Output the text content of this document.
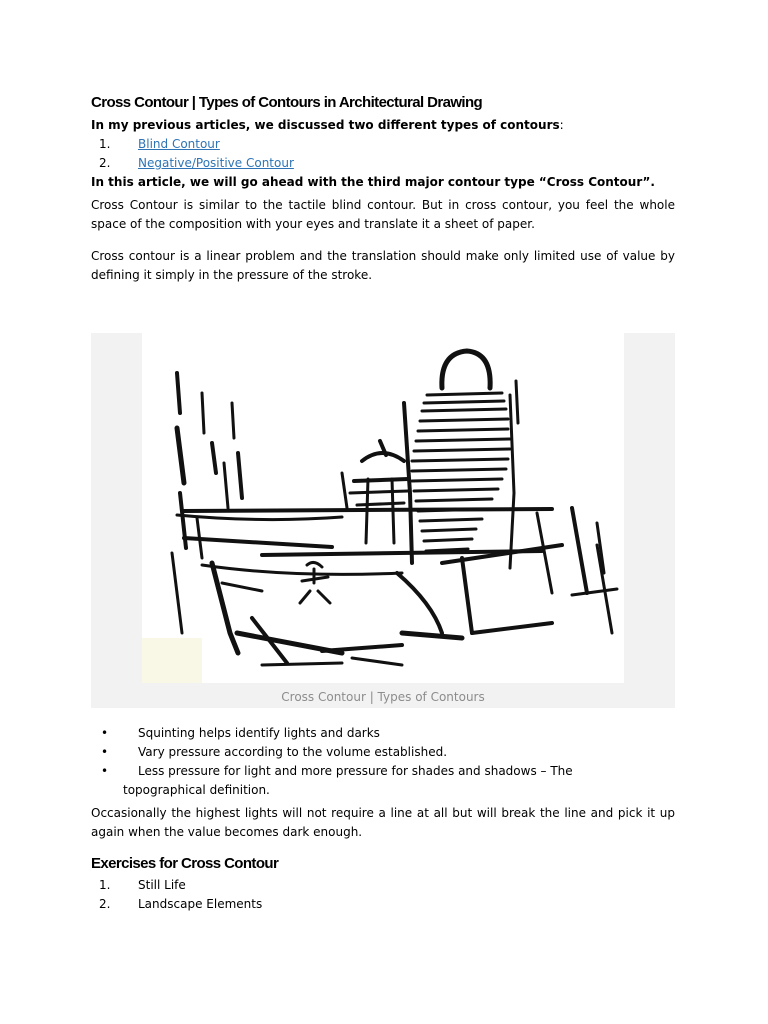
Cross Contour | Types of Contours in Architectural Drawing

In my previous articles, we discussed two different types of contours:

1. Blind Contour
2. Negative/Positive Contour

In this article, we will go ahead with the third major contour type “Cross Contour”.

Cross Contour is similar to the tactile blind contour. But in cross contour, you feel the whole space of the composition with your eyes and translate it a sheet of paper.

Cross contour is a linear problem and the translation should make only limited use of value by defining it simply in the pressure of the stroke.

Cross Contour | Types of Contours
• Squinting helps identify lights and darks
• Vary pressure according to the volume established.
• Less pressure for light and more pressure for shades and shadows – The
topographical definition.

Occasionally the highest lights will not require a line at all but will break the line and pick it up again when the value becomes dark enough.

Exercises for Cross Contour
1. Still Life
2. Landscape Elements
